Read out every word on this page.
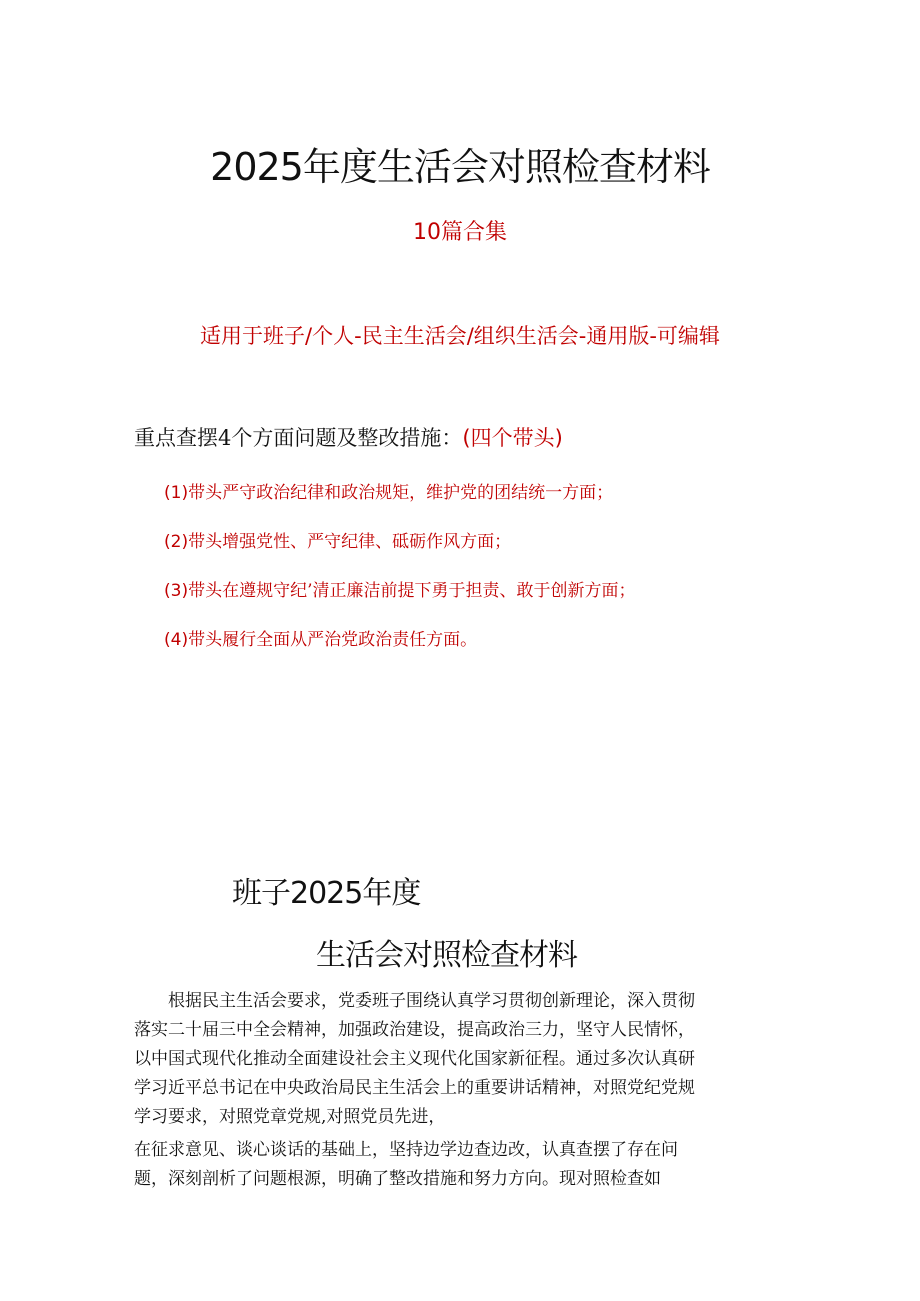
2025年度生活会对照检查材料
10篇合集
适用于班子/个人-民主生活会/组织生活会-通用版-可编辑
重点查摆4个方面问题及整改措施：(四个带头)
(1)带头严守政治纪律和政治规矩，维护党的团结统一方面；
(2)带头增强党性、严守纪律、砥砺作风方面；
(3)带头在遵规守纪’清正廉洁前提下勇于担责、敢于创新方面；
(4)带头履行全面从严治党政治责任方面。
班子2025年度
生活会对照检查材料
根据民主生活会要求，党委班子围绕认真学习贯彻创新理论，深入贯彻
落实二十届三中全会精神，加强政治建设，提高政治三力，坚守人民情怀，
以中国式现代化推动全面建设社会主义现代化国家新征程。通过多次认真研
学习近平总书记在中央政治局民主生活会上的重要讲话精神，对照党纪党规
学习要求，对照党章党规,对照党员先进，
在征求意见、谈心谈话的基础上，坚持边学边查边改，认真查摆了存在问
题，深刻剖析了问题根源，明确了整改措施和努力方向。现对照检查如
